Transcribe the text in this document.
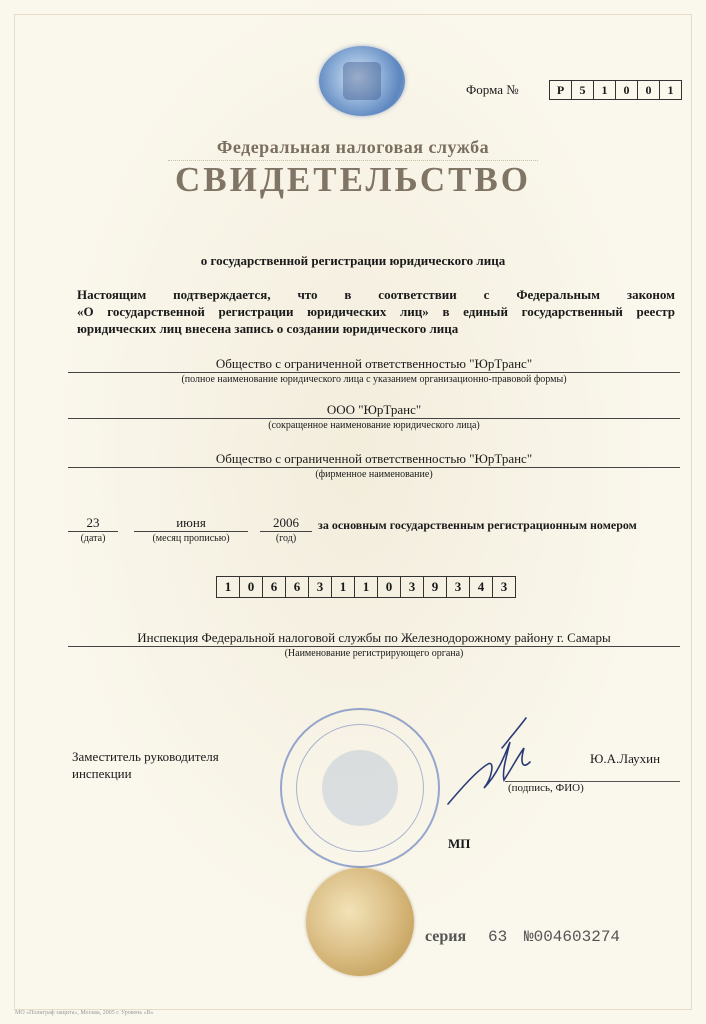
Форма №	Р	5	1	0	0	1
Федеральная налоговая служба
СВИДЕТЕЛЬСТВО
о государственной регистрации юридического лица
Настоящим подтверждается, что в соответствии с Федеральным законом
«О государственной регистрации юридических лиц» в единый государственный реестр
юридических лиц внесена запись о создании юридического лица
Общество с ограниченной ответственностью "ЮрТранс"
(полное наименование юридического лица с указанием организационно-правовой формы)
ООО "ЮрТранс"
(сокращенное наименование юридического лица)
Общество с ограниченной ответственностью "ЮрТранс"
(фирменное наименование)
23
(дата)
июня
(месяц прописью)
2006
(год)
за основным государственным регистрационным номером
1	0	6	6	3	1	1	0	3	9	3	4	3
Инспекция Федеральной налоговой службы по Железнодорожному району г. Самары
(Наименование регистрирующего органа)
Заместитель руководителя
инспекции
Ю.А.Лаухин
(подпись, ФИО)
МП
серия 63 №004603274
МО «Полиграф защита», Москва, 2005 г. Уровень «В»
